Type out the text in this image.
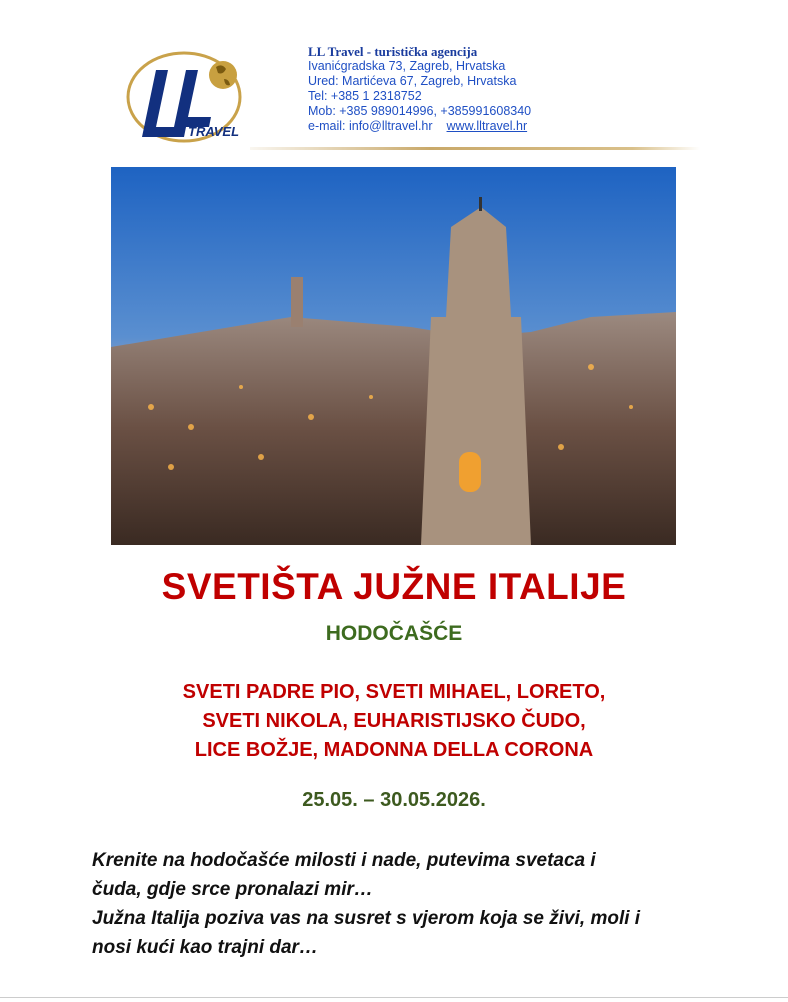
TRAVEL
LL Travel - turistička agencija
Ivanićgradska 73, Zagreb, Hrvatska
Ured: Martićeva 67, Zagreb, Hrvatska
Tel: +385 1 2318752
Mob: +385 989014996, +385991608340
e-mail: info@lltravel.hr www.lltravel.hr
SVETIŠTA JUŽNE ITALIJE
HODOČAŠĆE
SVETI PADRE PIO, SVETI MIHAEL, LORETO,
SVETI NIKOLA, EUHARISTIJSKO ČUDO,
LICE BOŽJE, MADONNA DELLA CORONA
25.05. – 30.05.2026.
Krenite na hodočašće milosti i nade, putevima svetaca i
čuda, gdje srce pronalazi mir…
Južna Italija poziva vas na susret s vjerom koja se živi, moli i
nosi kući kao trajni dar…
